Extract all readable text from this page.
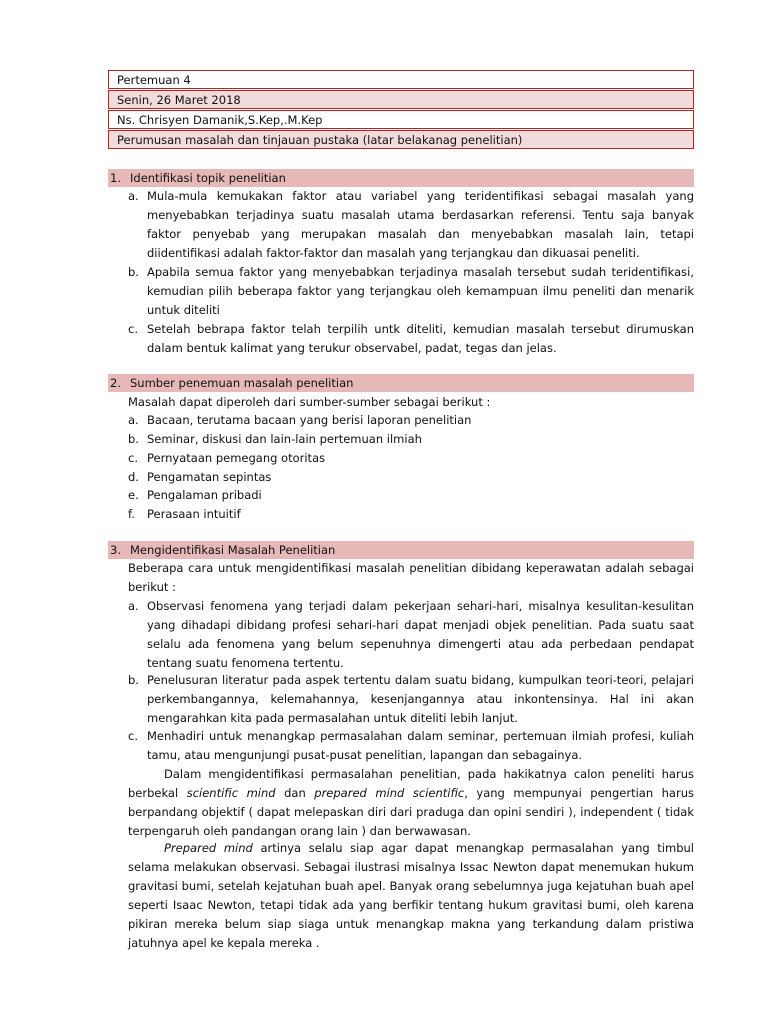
Pertemuan 4
Senin, 26 Maret 2018
Ns. Chrisyen Damanik,S.Kep,.M.Kep
Perumusan masalah dan tinjauan pustaka (latar belakanag penelitian)
1. Identifikasi topik penelitian
a. Mula-mula kemukakan faktor atau variabel yang teridentifikasi sebagai masalah yang menyebabkan terjadinya suatu masalah utama berdasarkan referensi. Tentu saja banyak faktor penyebab yang merupakan masalah dan menyebabkan masalah lain, tetapi diidentifikasi adalah faktor-faktor dan masalah yang terjangkau dan dikuasai peneliti.

b. Apabila semua faktor yang menyebabkan terjadinya masalah tersebut sudah teridentifikasi, kemudian pilih beberapa faktor yang terjangkau oleh kemampuan ilmu peneliti dan menarik untuk diteliti

c. Setelah bebrapa faktor telah terpilih untk diteliti, kemudian masalah tersebut dirumuskan dalam bentuk kalimat yang terukur observabel, padat, tegas dan jelas.

2. Sumber penemuan masalah penelitian

Masalah dapat diperoleh dari sumber-sumber sebagai berikut :

a. Bacaan, terutama bacaan yang berisi laporan penelitian

b. Seminar, diskusi dan lain-lain pertemuan ilmiah

c. Pernyataan pemegang otoritas

d. Pengamatan sepintas

e. Pengalaman pribadi

f. Perasaan intuitif

3. Mengidentifikasi Masalah Penelitian

Beberapa cara untuk mengidentifikasi masalah penelitian dibidang keperawatan adalah sebagai berikut :

a. Observasi fenomena yang terjadi dalam pekerjaan sehari-hari, misalnya kesulitan-kesulitan yang dihadapi dibidang profesi sehari-hari dapat menjadi objek penelitian. Pada suatu saat selalu ada fenomena yang belum sepenuhnya dimengerti atau ada perbedaan pendapat tentang suatu fenomena tertentu.

b. Penelusuran literatur pada aspek tertentu dalam suatu bidang, kumpulkan teori-teori, pelajari perkembangannya, kelemahannya, kesenjangannya atau inkontensinya. Hal ini akan mengarahkan kita pada permasalahan untuk diteliti lebih lanjut.

c. Menhadiri untuk menangkap permasalahan dalam seminar, pertemuan ilmiah profesi, kuliah tamu, atau mengunjungi pusat-pusat penelitian, lapangan dan sebagainya.

Dalam mengidentifikasi permasalahan penelitian, pada hakikatnya calon peneliti harus berbekal scientific mind dan prepared mind scientific, yang mempunyai pengertian harus berpandang objektif ( dapat melepaskan diri dari praduga dan opini sendiri ), independent ( tidak terpengaruh oleh pandangan orang lain ) dan berwawasan.

Prepared mind artinya selalu siap agar dapat menangkap permasalahan yang timbul selama melakukan observasi. Sebagai ilustrasi misalnya Issac Newton dapat menemukan hukum gravitasi bumi, setelah kejatuhan buah apel. Banyak orang sebelumnya juga kejatuhan buah apel seperti Isaac Newton, tetapi tidak ada yang berfikir tentang hukum gravitasi bumi, oleh karena pikiran mereka belum siap siaga untuk menangkap makna yang terkandung dalam pristiwa jatuhnya apel ke kepala mereka .
